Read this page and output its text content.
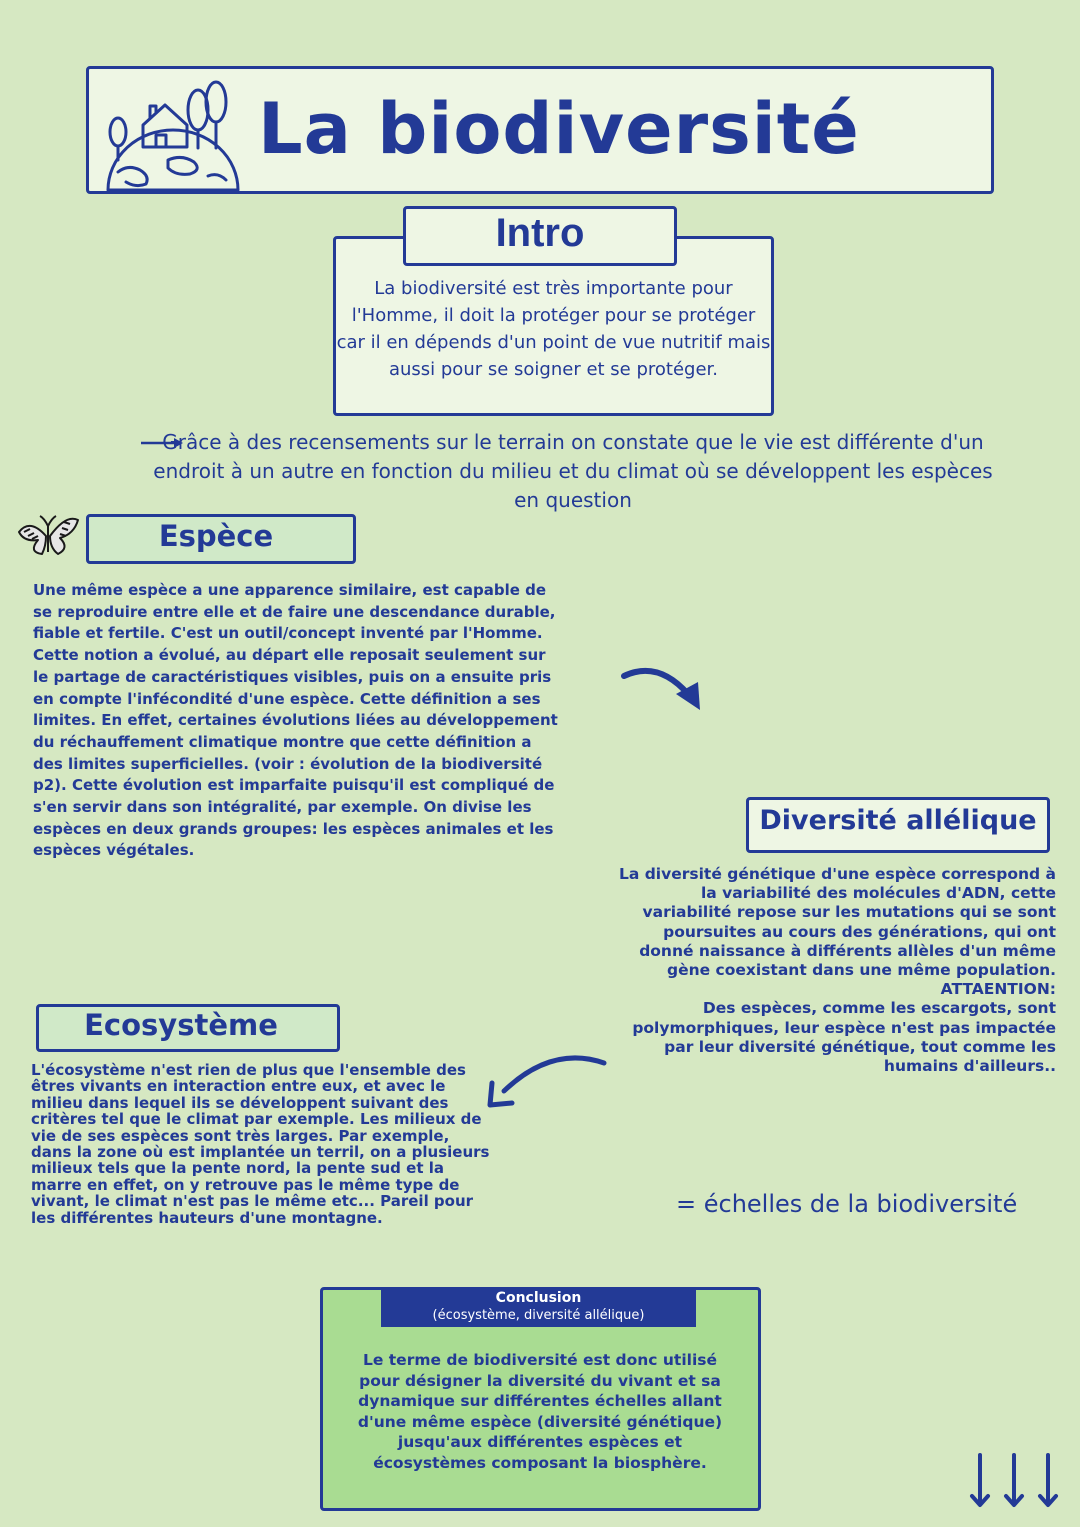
La biodiversité
Intro
La biodiversité est très importante pour l'Homme, il doit la protéger pour se protéger car il en dépends d'un point de vue nutritif mais aussi pour se soigner et se protéger.
Grâce à des recensements sur le terrain on constate que le vie est différente d'un endroit à un autre en fonction du milieu et du climat où se développent les espèces en question
Espèce
Une même espèce a une apparence similaire, est capable de se reproduire entre elle et de faire une descendance durable, fiable et fertile. C'est un outil/concept inventé par l'Homme. Cette notion a évolué, au départ elle reposait seulement sur le partage de caractéristiques visibles, puis on a ensuite pris en compte l'infécondité d'une espèce. Cette définition a ses limites. En effet, certaines évolutions liées au développement du réchauffement climatique montre que cette définition a des limites superficielles. (voir : évolution de la biodiversité p2). Cette évolution est imparfaite puisqu'il est compliqué de s'en servir dans son intégralité, par exemple. On divise les espèces en deux grands groupes: les espèces animales et les espèces végétales.
Diversité allélique
La diversité génétique d'une espèce correspond à la variabilité des molécules d'ADN, cette variabilité repose sur les mutations qui se sont poursuites au cours des générations, qui ont donné naissance à différents allèles d'un même gène coexistant dans une même population.
ATTAENTION:
Des espèces, comme les escargots, sont polymorphiques, leur espèce n'est pas impactée par leur diversité génétique, tout comme les humains d'ailleurs..
Ecosystème
L'écosystème n'est rien de plus que l'ensemble des êtres vivants en interaction entre eux, et avec le milieu dans lequel ils se développent suivant des critères tel que le climat par exemple. Les milieux de vie de ses espèces sont très larges. Par exemple, dans la zone où est implantée un terril, on a plusieurs milieux tels que la pente nord, la pente sud et la marre en effet, on y retrouve pas le même type de vivant, le climat n'est pas le même etc... Pareil pour les différentes hauteurs d'une montagne.	= échelles de la biodiversité
Conclusion
(écosystème, diversité allélique)
Le terme de biodiversité est donc utilisé pour désigner la diversité du vivant et sa dynamique sur différentes échelles allant d'une même espèce (diversité génétique) jusqu'aux différentes espèces et écosystèmes composant la biosphère.
